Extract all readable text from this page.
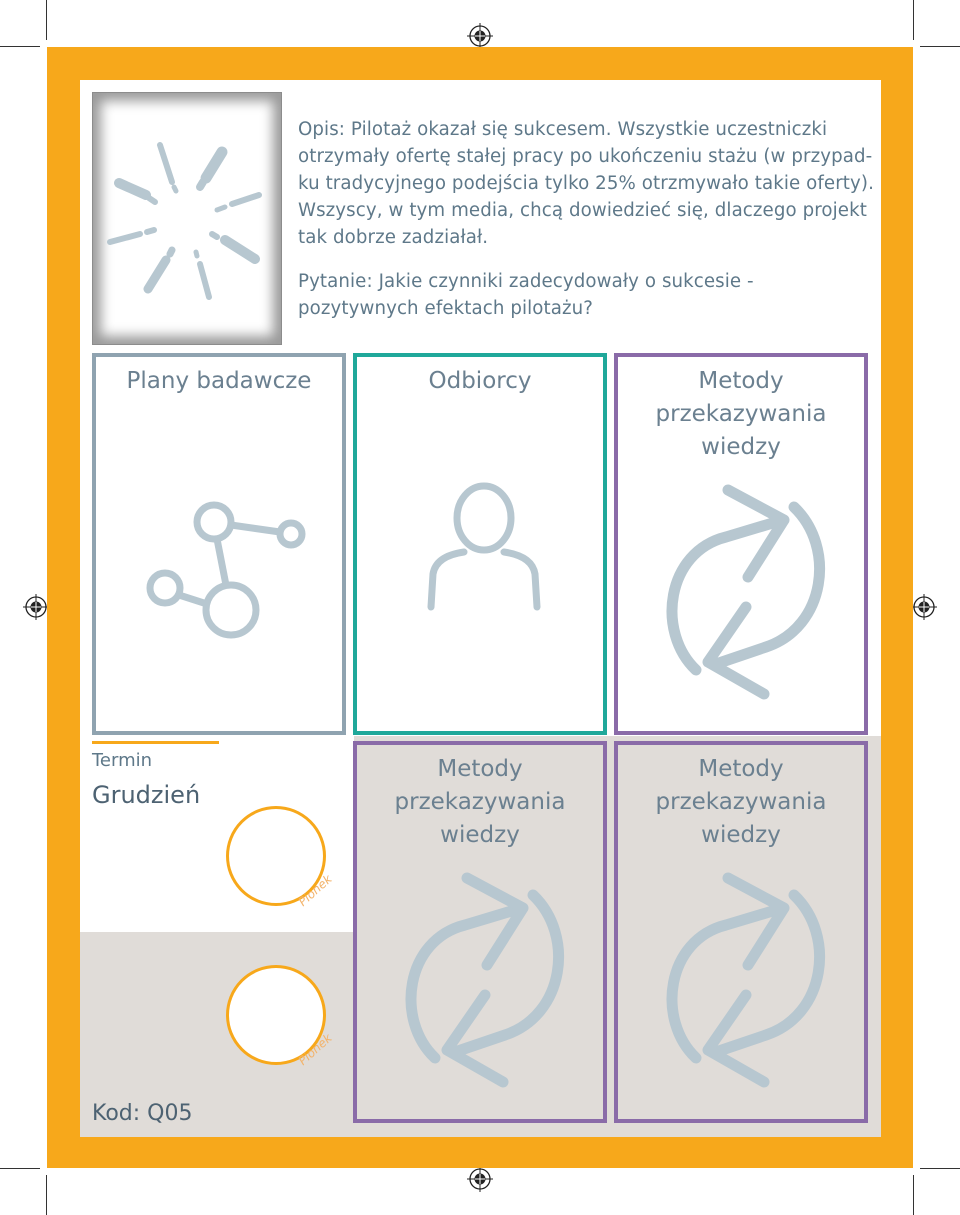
Opis: Pilotaż okazał się sukcesem. Wszystkie uczestniczki otrzymały ofertę stałej pracy po ukończeniu stażu (w przypad-ku tradycyjnego podejścia tylko 25% otrzmywało takie oferty). Wszyscy, w tym media, chcą dowiedzieć się, dlaczego projekt tak dobrze zadziałał.

Pytanie: Jakie czynniki zadecydowały o sukcesie - pozytywnych efektach pilotażu?

Plany badawcze	Odbiorcy	Metody przekazywania wiedzy
Termin
Grudzień
Pionek
Pionek
Kod: Q05
Metody przekazywania wiedzy
Metody przekazywania wiedzy
